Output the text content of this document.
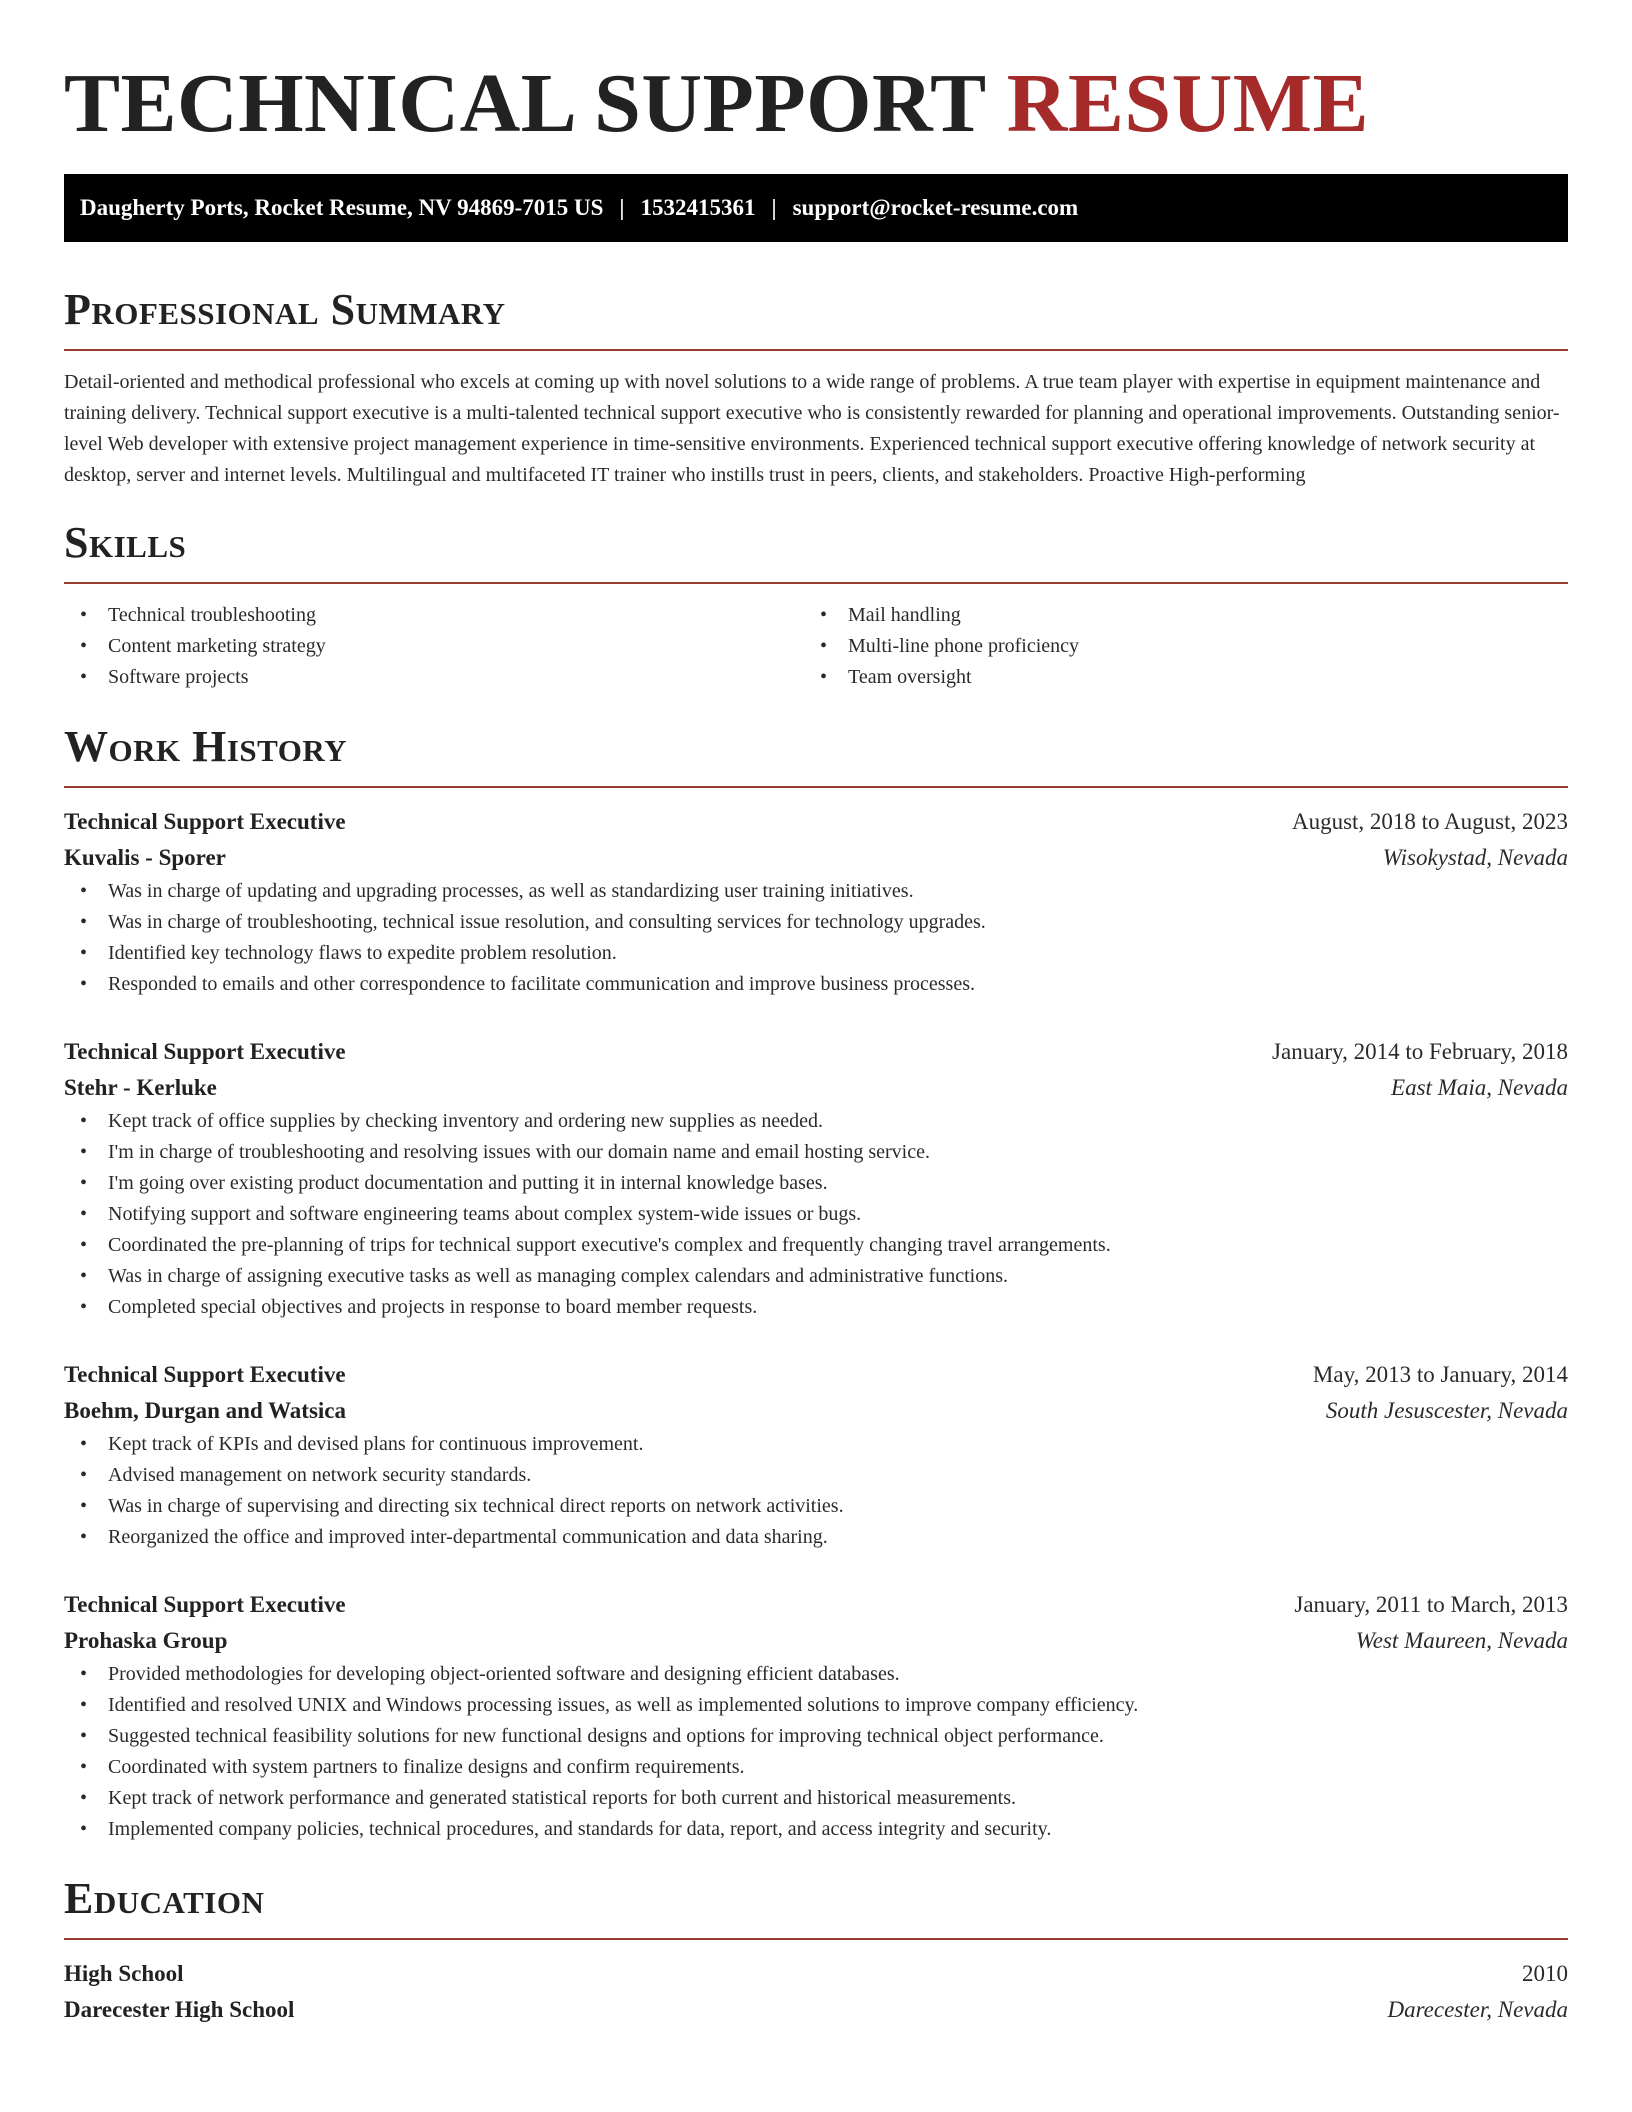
TECHNICAL SUPPORT RESUME
Daugherty Ports, Rocket Resume, NV 94869-7015 US | 1532415361 | support@rocket-resume.com
Professional Summary

Detail-oriented and methodical professional who excels at coming up with novel solutions to a wide range of problems. A true team player with expertise in equipment maintenance and training delivery. Technical support executive is a multi-talented technical support executive who is consistently rewarded for planning and operational improvements. Outstanding senior-level Web developer with extensive project management experience in time-sensitive environments. Experienced technical support executive offering knowledge of network security at desktop, server and internet levels. Multilingual and multifaceted IT trainer who instills trust in peers, clients, and stakeholders. Proactive High-performing

Skills
• Technical troubleshooting
• Content marketing strategy
• Software projects
• Mail handling
• Multi-line phone proficiency
• Team oversight
Work History
Technical Support Executive	August, 2018 to August, 2023
Kuvalis - Sporer	Wisokystad, Nevada
• Was in charge of updating and upgrading processes, as well as standardizing user training initiatives.
• Was in charge of troubleshooting, technical issue resolution, and consulting services for technology upgrades.
• Identified key technology flaws to expedite problem resolution.
• Responded to emails and other correspondence to facilitate communication and improve business processes.
Technical Support Executive	January, 2014 to February, 2018
Stehr - Kerluke	East Maia, Nevada
• Kept track of office supplies by checking inventory and ordering new supplies as needed.
• I'm in charge of troubleshooting and resolving issues with our domain name and email hosting service.
• I'm going over existing product documentation and putting it in internal knowledge bases.
• Notifying support and software engineering teams about complex system-wide issues or bugs.
• Coordinated the pre-planning of trips for technical support executive's complex and frequently changing travel arrangements.
• Was in charge of assigning executive tasks as well as managing complex calendars and administrative functions.
• Completed special objectives and projects in response to board member requests.
Technical Support Executive	May, 2013 to January, 2014
Boehm, Durgan and Watsica	South Jesuscester, Nevada
• Kept track of KPIs and devised plans for continuous improvement.
• Advised management on network security standards.
• Was in charge of supervising and directing six technical direct reports on network activities.
• Reorganized the office and improved inter-departmental communication and data sharing.
Technical Support Executive	January, 2011 to March, 2013
Prohaska Group	West Maureen, Nevada
• Provided methodologies for developing object-oriented software and designing efficient databases.
• Identified and resolved UNIX and Windows processing issues, as well as implemented solutions to improve company efficiency.
• Suggested technical feasibility solutions for new functional designs and options for improving technical object performance.
• Coordinated with system partners to finalize designs and confirm requirements.
• Kept track of network performance and generated statistical reports for both current and historical measurements.
• Implemented company policies, technical procedures, and standards for data, report, and access integrity and security.
Education
High School	2010
Darecester High School	Darecester, Nevada
